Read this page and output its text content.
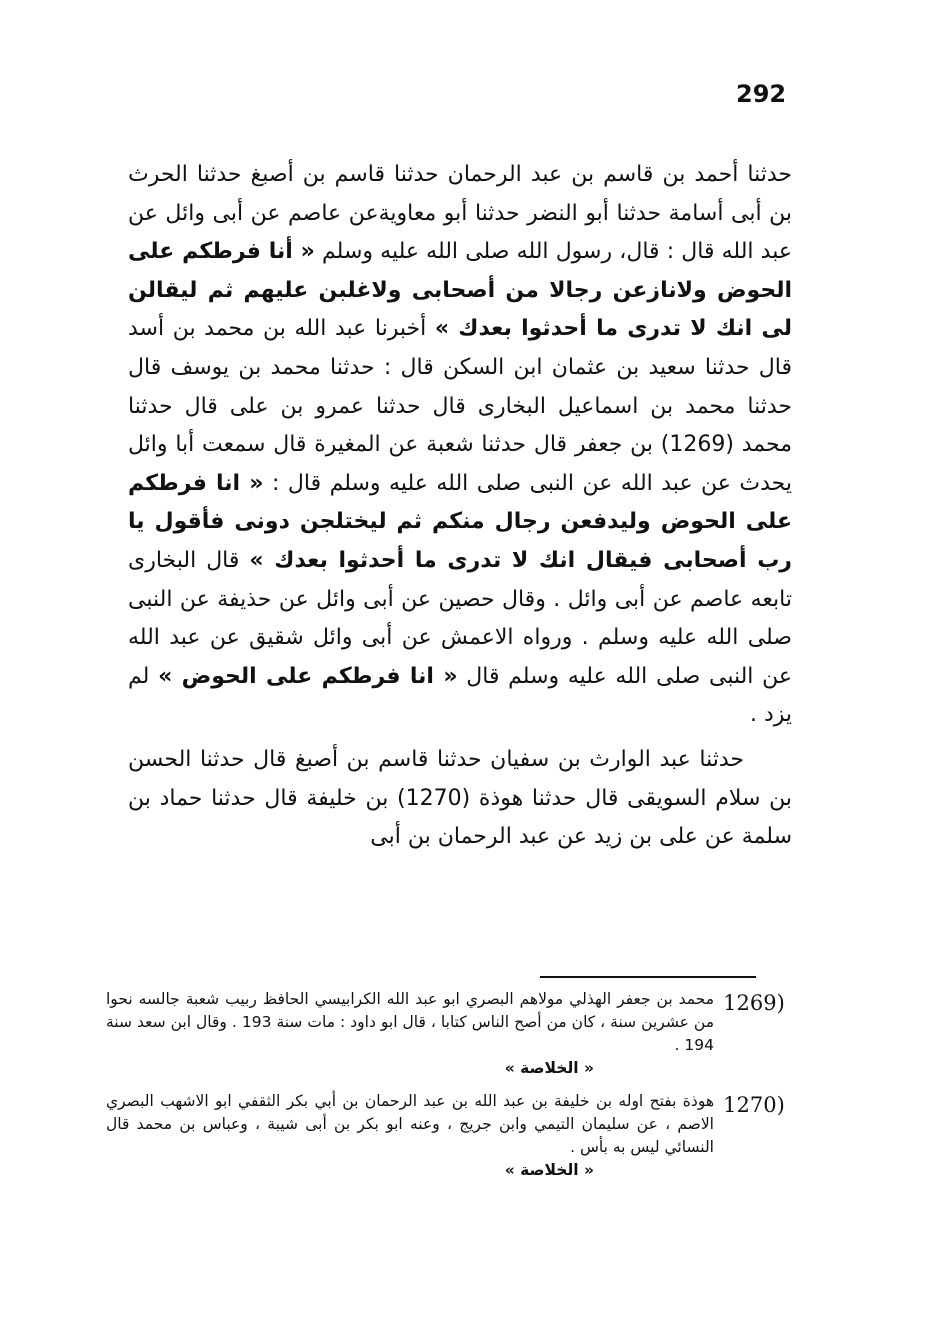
292

حدثنا أحمد بن قاسم بن عبد الرحمان حدثنا قاسم بن أصبغ حدثنا الحرث بن أبى أسامة حدثنا أبو النضر حدثنا أبو معاويةعن عاصم عن أبى وائل عن عبد الله قال : قال، رسول الله صلى الله عليه وسلم « أنا فرطكم على الحوض ولانازعن رجالا من أصحابى ولاغلبن عليهم ثم ليقالن لى انك لا تدرى ما أحدثوا بعدك » أخبرنا عبد الله بن محمد بن أسد قال حدثنا سعيد بن عثمان ابن السكن قال : حدثنا محمد بن يوسف قال حدثنا محمد بن اسماعيل البخارى قال حدثنا عمرو بن على قال حدثنا محمد (1269) بن جعفر قال حدثنا شعبة عن المغيرة قال سمعت أبا وائل يحدث عن عبد الله عن النبى صلى الله عليه وسلم قال : « انا فرطكم على الحوض وليدفعن رجال منكم ثم ليختلجن دونى فأقول يا رب أصحابى فيقال انك لا تدرى ما أحدثوا بعدك » قال البخارى تابعه عاصم عن أبى وائل . وقال حصين عن أبى وائل عن حذيفة عن النبى صلى الله عليه وسلم . ورواه الاعمش عن أبى وائل شقيق عن عبد الله عن النبى صلى الله عليه وسلم قال « انا فرطكم على الحوض » لم يزد .

حدثنا عبد الوارث بن سفيان حدثنا قاسم بن أصبغ قال حدثنا الحسن بن سلام السويقى قال حدثنا هوذة (1270) بن خليفة قال حدثنا حماد بن سلمة عن على بن زيد عن عبد الرحمان بن أبى

1269)
محمد بن جعفر الهذلي مولاهم البصري ابو عبد الله الكرابيسي الحافظ ربيب شعبة جالسه نحوا من عشرين سنة ، كان من أصح الناس كتابا ، قال ابو داود : مات سنة 193 . وقال ابن سعد سنة 194 .
« الخلاصة »
1270)
هوذة بفتح اوله بن خليفة بن عبد الله بن عبد الرحمان بن أبي بكر الثقفي ابو الاشهب البصري الاصم ، عن سليمان التيمي وابن جريج ، وعنه ابو بكر بن أبى شيبة ، وعباس بن محمد قال النسائي ليس به بأس .
« الخلاصة »
